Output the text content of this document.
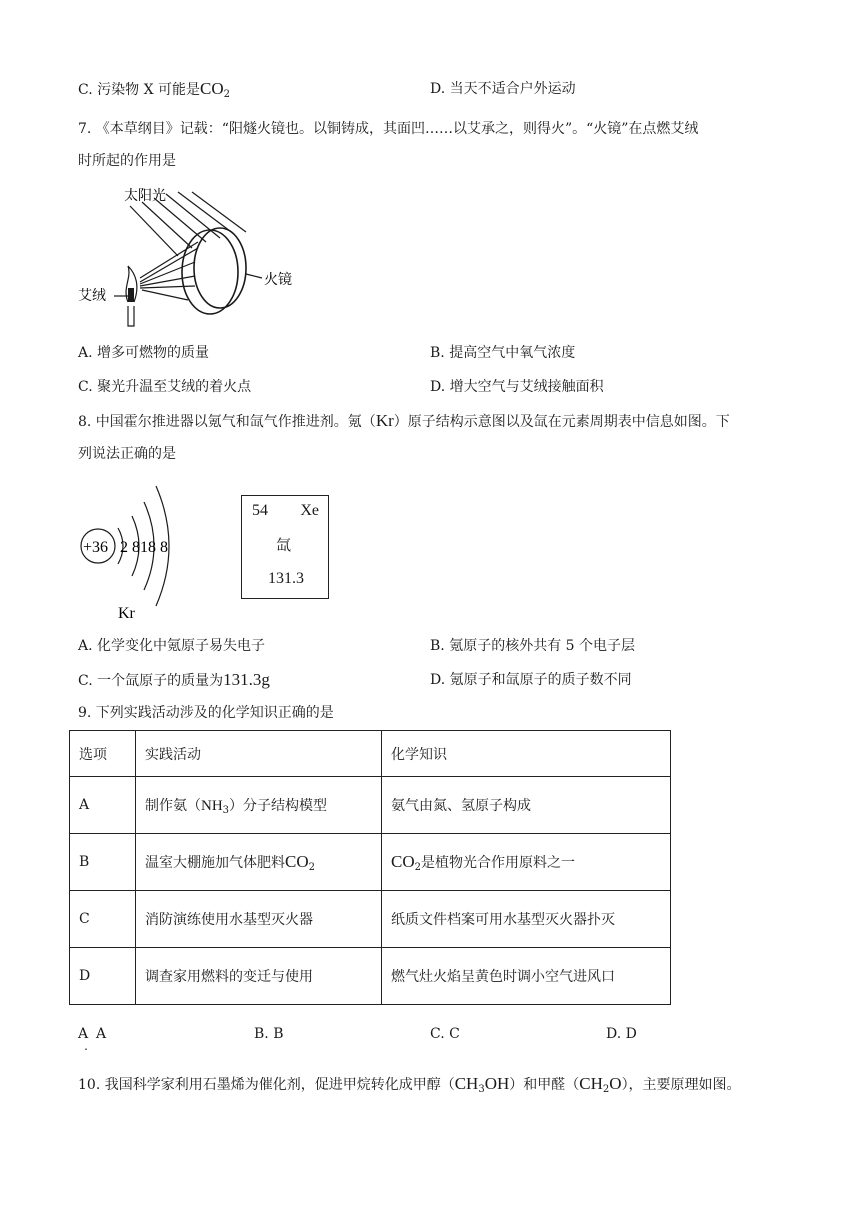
C. 污染物 X 可能是$CO_2$	D. 当天不适合户外运动
7. 《本草纲目》记载：“阳燧火镜也。以铜铸成，其面凹……以艾承之，则得火”。“火镜”在点燃艾绒
时所起的作用是
太阳光
火镜
艾绒
A. 增多可燃物的质量	B. 提高空气中氧气浓度
C. 聚光升温至艾绒的着火点	D. 增大空气与艾绒接触面积
8. 中国霍尔推进器以氪气和氙气作推进剂。氪（Kr）原子结构示意图以及氙在元素周期表中信息如图。下
列说法正确的是
+36 2 818 8
Kr
54 Xe
氙
131.3
A. 化学变化中氪原子易失电子	B. 氪原子的核外共有 5 个电子层
C. 一个氙原子的质量为131.3g	D. 氪原子和氙原子的质子数不同
9. 下列实践活动涉及的化学知识正确的是
选项	实践活动	化学知识
A	制作氨$(NH_3)$分子结构模型	氨气由氮、氢原子构成
B	温室大棚施加气体肥料$CO_2$	$CO_2$是植物光合作用原料之一
C	消防演练使用水基型灭火器	纸质文件档案可用水基型灭火器扑灭
D	调查家用燃料的变迁与使用	燃气灶火焰呈黄色时调小空气进风口
A.A	B. B	C. C	D. D
10. 我国科学家利用石墨烯为催化剂，促进甲烷转化成甲醇$(CH_3OH)$和甲醛$(CH_2O)$，主要原理如图。
